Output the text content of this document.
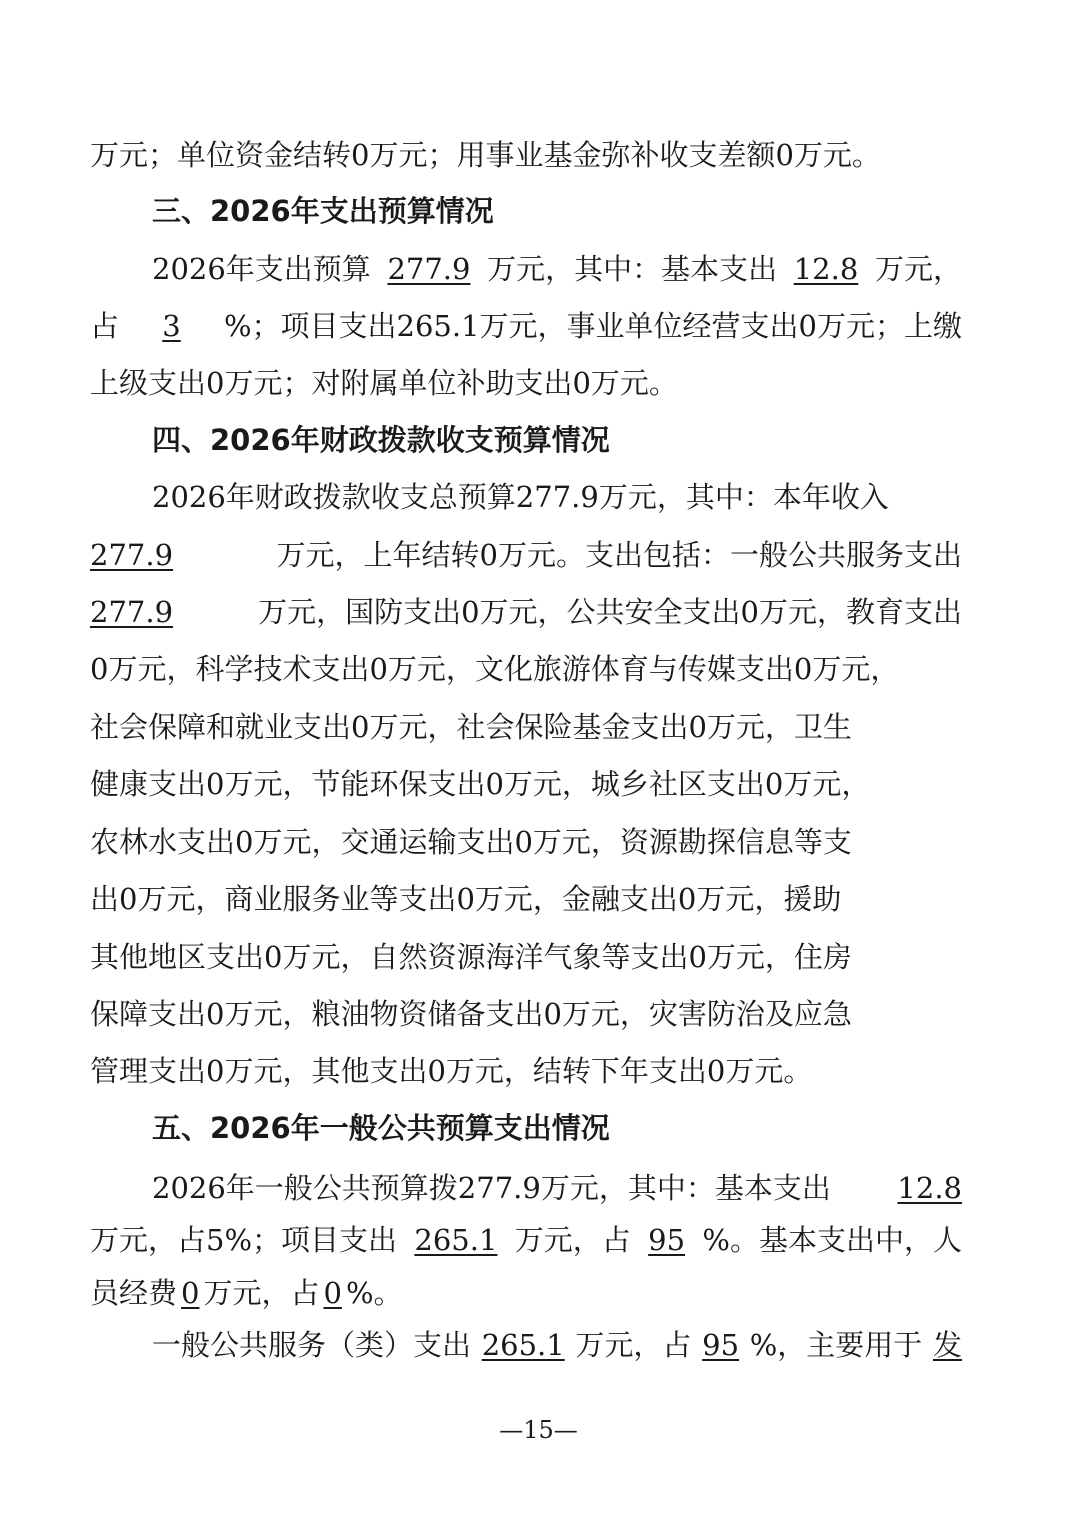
万元；单位资金结转0万元；用事业基金弥补收支差额0万元。
三、2026年支出预算情况
2026年支出预算 277.9 万元，其中：基本支出 12.8 万元，
占 3 %；项目支出265.1万元，事业单位经营支出0万元；上缴
上级支出0万元；对附属单位补助支出0万元。
四、2026年财政拨款收支预算情况
2026年财政拨款收支总预算277.9万元，其中：本年收入
277.9	万元，上年结转0万元。支出包括：一般公共服务支出
277.9	万元，国防支出0万元，公共安全支出0万元，教育支出
0万元，科学技术支出0万元，文化旅游体育与传媒支出0万元，
社会保障和就业支出0万元，社会保险基金支出0万元，卫生
健康支出0万元，节能环保支出0万元，城乡社区支出0万元，
农林水支出0万元，交通运输支出0万元，资源勘探信息等支
出0万元，商业服务业等支出0万元，金融支出0万元，援助
其他地区支出0万元，自然资源海洋气象等支出0万元，住房
保障支出0万元，粮油物资储备支出0万元，灾害防治及应急
管理支出0万元，其他支出0万元，结转下年支出0万元。
五、2026年一般公共预算支出情况
2026年一般公共预算拨277.9万元，其中：基本支出 12.8
万元，占5%；项目支出 265.1 万元，占 95 %。基本支出中，人
员经费 0 万元，占 0 %。
一般公共服务（类）支出 265.1 万元，占 95 %，主要用于 发
—15—
